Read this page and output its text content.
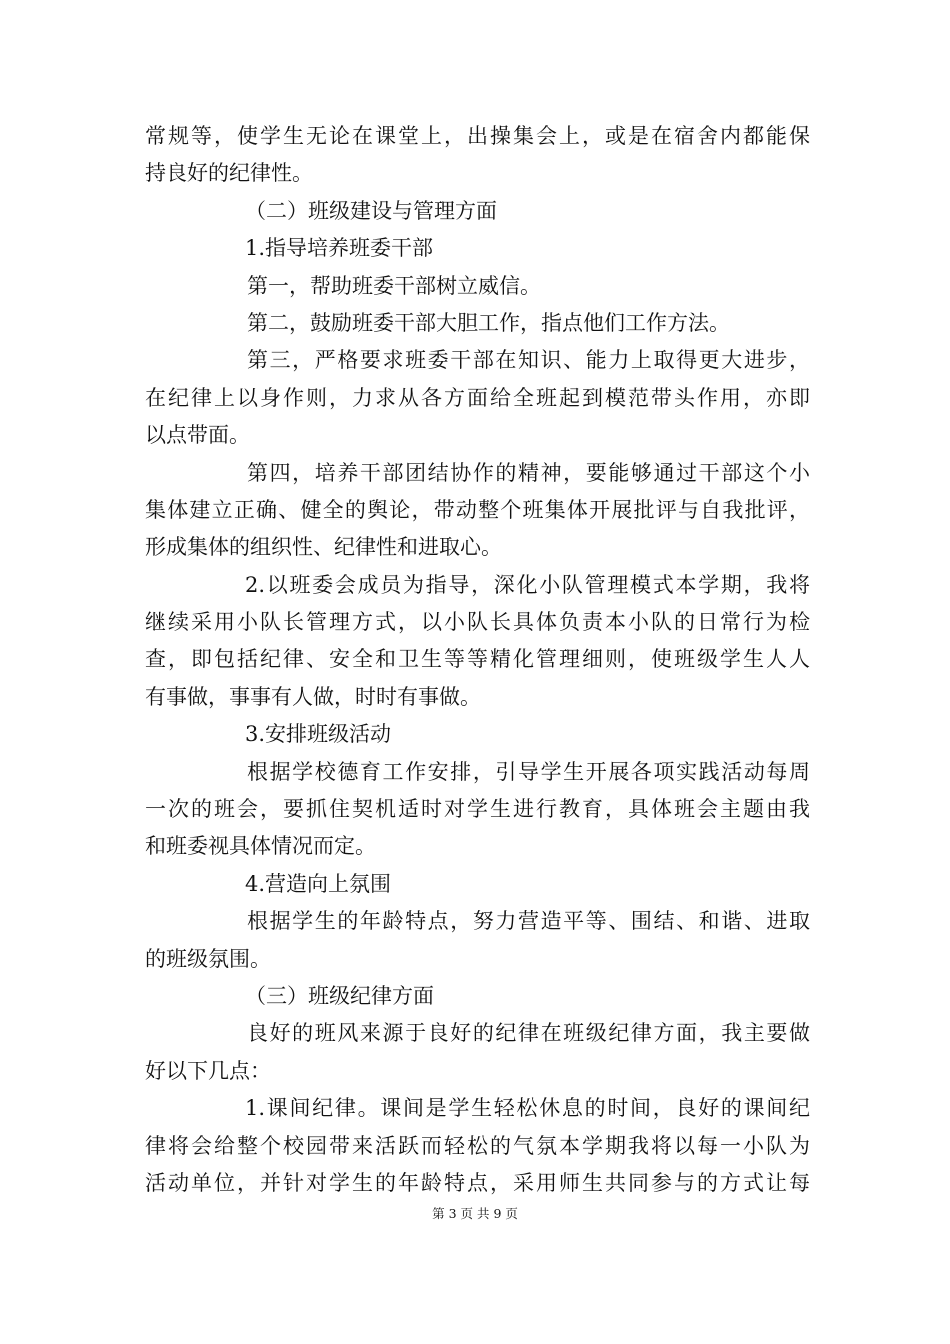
常规等，使学生无论在课堂上，出操集会上，或是在宿舍内都能保
持良好的纪律性。
（二）班级建设与管理方面
1.指导培养班委干部
第一，帮助班委干部树立威信。
第二，鼓励班委干部大胆工作，指点他们工作方法。
第三，严格要求班委干部在知识、能力上取得更大进步，
在纪律上以身作则，力求从各方面给全班起到模范带头作用，亦即
以点带面。
第四，培养干部团结协作的精神，要能够通过干部这个小
集体建立正确、健全的舆论，带动整个班集体开展批评与自我批评，
形成集体的组织性、纪律性和进取心。
2.以班委会成员为指导，深化小队管理模式本学期，我将
继续采用小队长管理方式，以小队长具体负责本小队的日常行为检
查，即包括纪律、安全和卫生等等精化管理细则，使班级学生人人
有事做，事事有人做，时时有事做。
3.安排班级活动
根据学校德育工作安排，引导学生开展各项实践活动每周
一次的班会，要抓住契机适时对学生进行教育，具体班会主题由我
和班委视具体情况而定。
4.营造向上氛围
根据学生的年龄特点，努力营造平等、围结、和谐、进取
的班级氛围。
（三）班级纪律方面
良好的班风来源于良好的纪律在班级纪律方面，我主要做
好以下几点：
1.课间纪律。课间是学生轻松休息的时间，良好的课间纪
律将会给整个校园带来活跃而轻松的气氛本学期我将以每一小队为
活动单位，并针对学生的年龄特点，采用师生共同参与的方式让每
第 3 页 共 9 页
